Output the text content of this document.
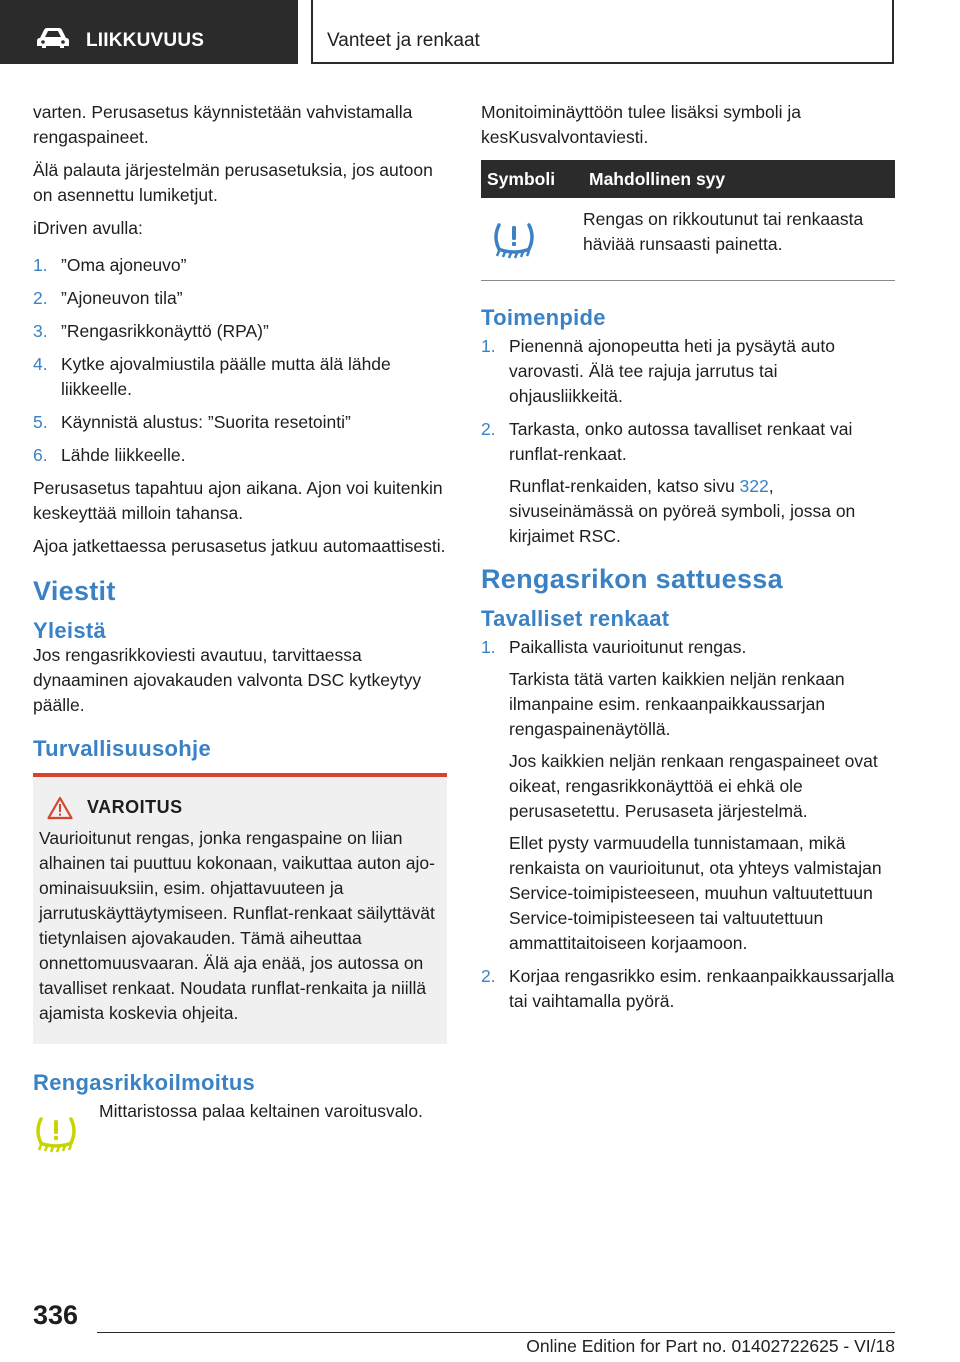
LIIKKUVUUS	Vanteet ja renkaat

varten. Perusasetus käynnistetään vahvistamalla rengaspaineet.

Älä palauta järjestelmän perusasetuksia, jos autoon on asennettu lumiketjut.

iDriven avulla:

1. ”Oma ajoneuvo”
2. ”Ajoneuvon tila”
3. ”Rengasrikkonäyttö (RPA)”
4. Kytke ajovalmiustila päälle mutta älä lähde liikkeelle.
5. Käynnistä alustus: ”Suorita resetointi”
6. Lähde liikkeelle.

Perusasetus tapahtuu ajon aikana. Ajon voi kuitenkin keskeyttää milloin tahansa.

Ajoa jatkettaessa perusasetus jatkuu automaattisesti.

Viestit
Yleistä

Jos rengasrikkoviesti avautuu, tarvittaessa dynaaminen ajovakauden valvonta DSC kytkeytyy päälle.

Turvallisuusohje
VAROITUS
Vaurioitunut rengas, jonka rengaspaine on liian alhainen tai puuttuu kokonaan, vaikuttaa auton ajo-ominaisuuksiin, esim. ohjattavuuteen ja jarrutuskäyttäytymiseen. Runflat-renkaat säilyttävät tietynlaisen ajovakauden. Tämä aiheuttaa onnettomuusvaaran. Älä aja enää, jos autossa on tavalliset renkaat. Noudata runflat-renkaita ja niillä ajamista koskevia ohjeita.
Rengasrikkoilmoitus
Mittaristossa palaa keltainen varoitusvalo.

Monitoiminäyttöön tulee lisäksi symboli ja kesKusvalvontaviesti.

Symboli	Mahdollinen syy
	Rengas on rikkoutunut tai renkaasta häviää runsaasti painetta.
Toimenpide
1. Pienennä ajonopeutta heti ja pysäytä auto varovasti. Älä tee rajuja jarrutus tai ohjausliikkeitä.
2. Tarkasta, onko autossa tavalliset renkaat vai runflat-renkaat.
Runflat-renkaiden, katso sivu 322, sivuseinämässä on pyöreä symboli, jossa on kirjaimet RSC.
Rengasrikon sattuessa
Tavalliset renkaat
1. Paikallista vaurioitunut rengas.
Tarkista tätä varten kaikkien neljän renkaan ilmanpaine esim. renkaanpaikkaussarjan rengaspainenäytöllä.
Jos kaikkien neljän renkaan rengaspaineet ovat oikeat, rengasrikkonäyttöä ei ehkä ole perusasetettu. Perusaseta järjestelmä.
Ellet pysty varmuudella tunnistamaan, mikä renkaista on vaurioitunut, ota yhteys valmistajan Service-toimipisteeseen, muuhun valtuutettuun Service-toimipisteeseen tai valtuutettuun ammattitaitoiseen korjaamoon.
2. Korjaa rengasrikko esim. renkaanpaikkaussarjalla tai vaihtamalla pyörä.
336
Online Edition for Part no. 01402722625 - VI/18
